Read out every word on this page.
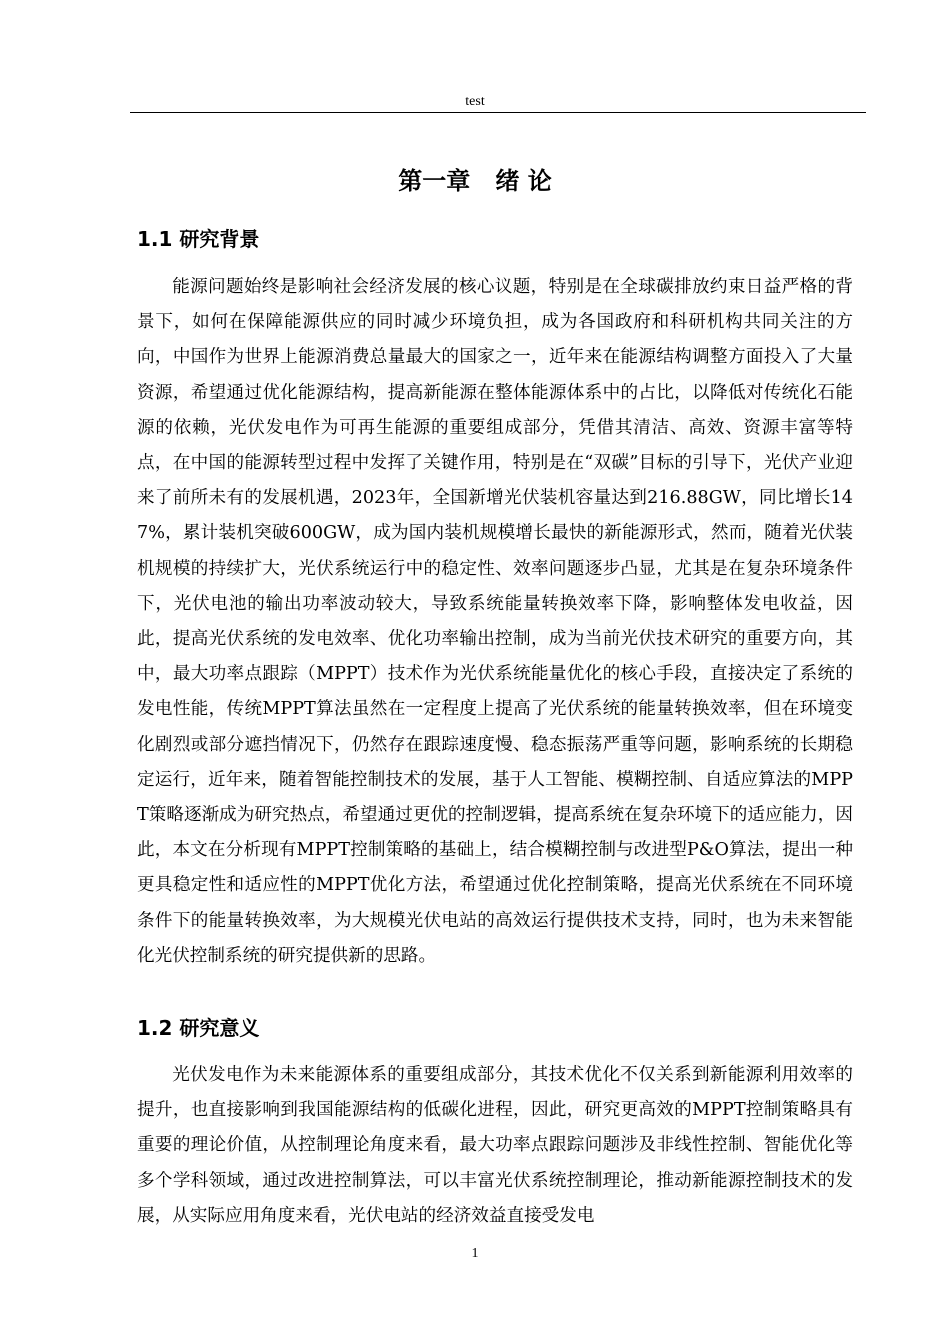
test
第一章   绪 论
1.1 研究背景

能源问题始终是影响社会经济发展的核心议题，特别是在全球碳排放约束日益严格的背景下，如何在保障能源供应的同时减少环境负担，成为各国政府和科研机构共同关注的方向，中国作为世界上能源消费总量最大的国家之一，近年来在能源结构调整方面投入了大量资源，希望通过优化能源结构，提高新能源在整体能源体系中的占比，以降低对传统化石能源的依赖，光伏发电作为可再生能源的重要组成部分，凭借其清洁、高效、资源丰富等特点，在中国的能源转型过程中发挥了关键作用，特别是在“双碳”目标的引导下，光伏产业迎来了前所未有的发展机遇，2023年，全国新增光伏装机容量达到216.88GW，同比增长147%，累计装机突破600GW，成为国内装机规模增长最快的新能源形式，然而，随着光伏装机规模的持续扩大，光伏系统运行中的稳定性、效率问题逐步凸显，尤其是在复杂环境条件下，光伏电池的输出功率波动较大，导致系统能量转换效率下降，影响整体发电收益，因此，提高光伏系统的发电效率、优化功率输出控制，成为当前光伏技术研究的重要方向，其中，最大功率点跟踪（MPPT）技术作为光伏系统能量优化的核心手段，直接决定了系统的发电性能，传统MPPT算法虽然在一定程度上提高了光伏系统的能量转换效率，但在环境变化剧烈或部分遮挡情况下，仍然存在跟踪速度慢、稳态振荡严重等问题，影响系统的长期稳定运行，近年来，随着智能控制技术的发展，基于人工智能、模糊控制、自适应算法的MPPT策略逐渐成为研究热点，希望通过更优的控制逻辑，提高系统在复杂环境下的适应能力，因此，本文在分析现有MPPT控制策略的基础上，结合模糊控制与改进型P&O算法，提出一种更具稳定性和适应性的MPPT优化方法，希望通过优化控制策略，提高光伏系统在不同环境条件下的能量转换效率，为大规模光伏电站的高效运行提供技术支持，同时，也为未来智能化光伏控制系统的研究提供新的思路。

1.2 研究意义

光伏发电作为未来能源体系的重要组成部分，其技术优化不仅关系到新能源利用效率的提升，也直接影响到我国能源结构的低碳化进程，因此，研究更高效的MPPT控制策略具有重要的理论价值，从控制理论角度来看，最大功率点跟踪问题涉及非线性控制、智能优化等多个学科领域，通过改进控制算法，可以丰富光伏系统控制理论，推动新能源控制技术的发展，从实际应用角度来看，光伏电站的经济效益直接受发电

1
